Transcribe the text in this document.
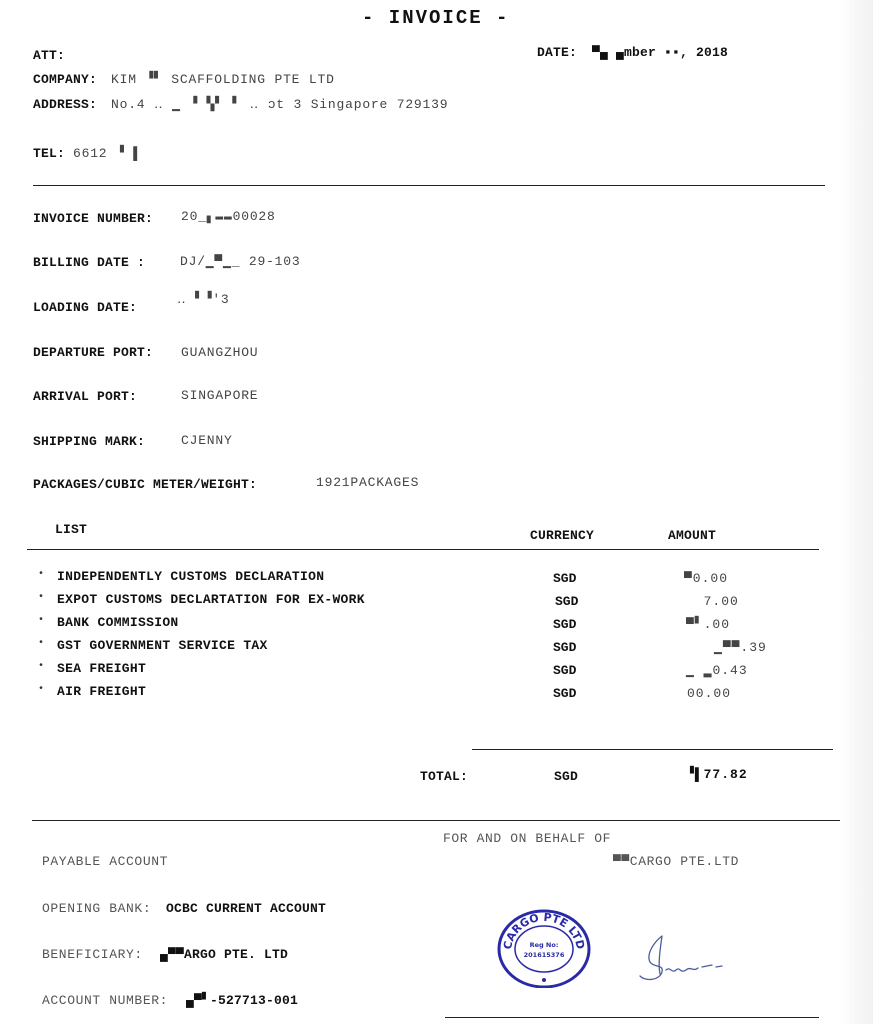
- INVOICE -
ATT:	DATE: ▀▄ ▄mber ▪▪, 2018
COMPANY: KIM ▝▘ SCAFFOLDING PTE LTD
ADDRESS: No.4 ‥ ▁ ▝ ▚▘ ▘ ‥ ɔt 3 Singapore 729139
TEL: 6612 ▝ ▌
INVOICE NUMBER: 20_▖▬▬00028
BILLING DATE :	DJ/▁▀▁_ 29-103
LOADING DATE:
‥ ▘▝'3
DEPARTURE PORT: GUANGZHOU
ARRIVAL PORT:	SINGAPORE
SHIPPING MARK:	CJENNY
PACKAGES/CUBIC METER/WEIGHT:	1921PACKAGES
LIST	CURRENCY	AMOUNT
• INDEPENDENTLY CUSTOMS DECLARATION	SGD	▀0.00
• EXPOT CUSTOMS DECLARTATION FOR EX-WORK	SGD	7.00
• BANK COMMISSION	SGD	▀▘.00
• GST GOVERNMENT SERVICE TAX	SGD	▁▀▀.39
• SEA FREIGHT	SGD	▁ ▂0.43
• AIR FREIGHT	SGD	00.00
TOTAL:	SGD	▝▌77.82
FOR AND ON BEHALF OF
▀▀CARGO PTE.LTD
PAYABLE ACCOUNT
OPENING BANK: OCBC CURRENT ACCOUNT
BENEFICIARY: ▄▀▀ARGO PTE. LTD
ACCOUNT NUMBER: ▄▀▘-527713-001
CARGO PTE LTD
Reg No:
201615376
